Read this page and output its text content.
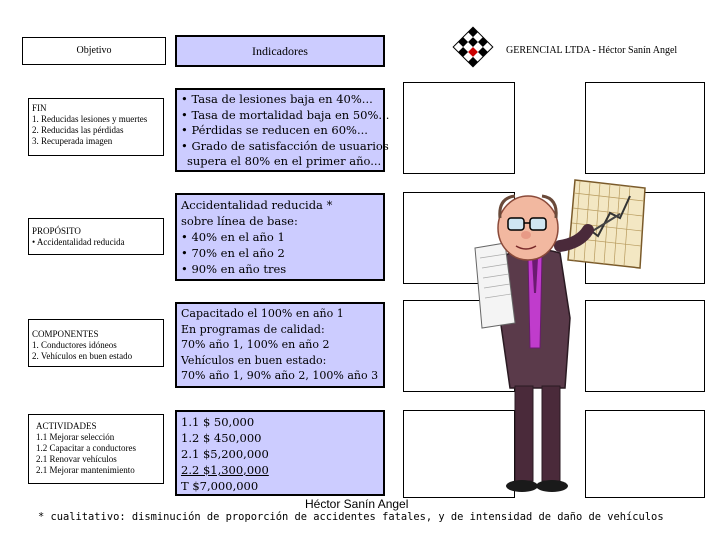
Objetivo	Indicadores	GERENCIAL LTDA - Héctor Sanín Angel
FIN
1. Reducidas lesiones y muertes
2. Reducidas las pérdidas
3. Recuperada imagen
PROPÓSITO
• Accidentalidad reducida
COMPONENTES
1. Conductores idóneos
2. Vehículos en buen estado
ACTIVIDADES
1.1 Mejorar selección
1.2 Capacitar a conductores
2.1 Renovar vehículos
2.1 Mejorar mantenimiento
• Tasa de lesiones baja en 40%...
• Tasa de mortalidad baja en 50%...
• Pérdidas se reducen en 60%...
• Grado de satisfacción de usuarios
supera el 80% en el primer año...
Accidentalidad reducida *
sobre línea de base:
• 40% en el año 1
• 70% en el año 2
• 90% en año tres
Capacitado el 100% en año 1
En programas de calidad:
70% año 1, 100% en año 2
Vehículos en buen estado:
70% año 1, 90% año 2, 100% año 3
1.1 $ 50,000
1.2 $ 450,000
2.1 $5,200,000
2.2 $1,300,000
T $7,000,000
Héctor Sanín Angel
* cualitativo: disminución de proporción de accidentes fatales, y de intensidad de daño de vehículos
